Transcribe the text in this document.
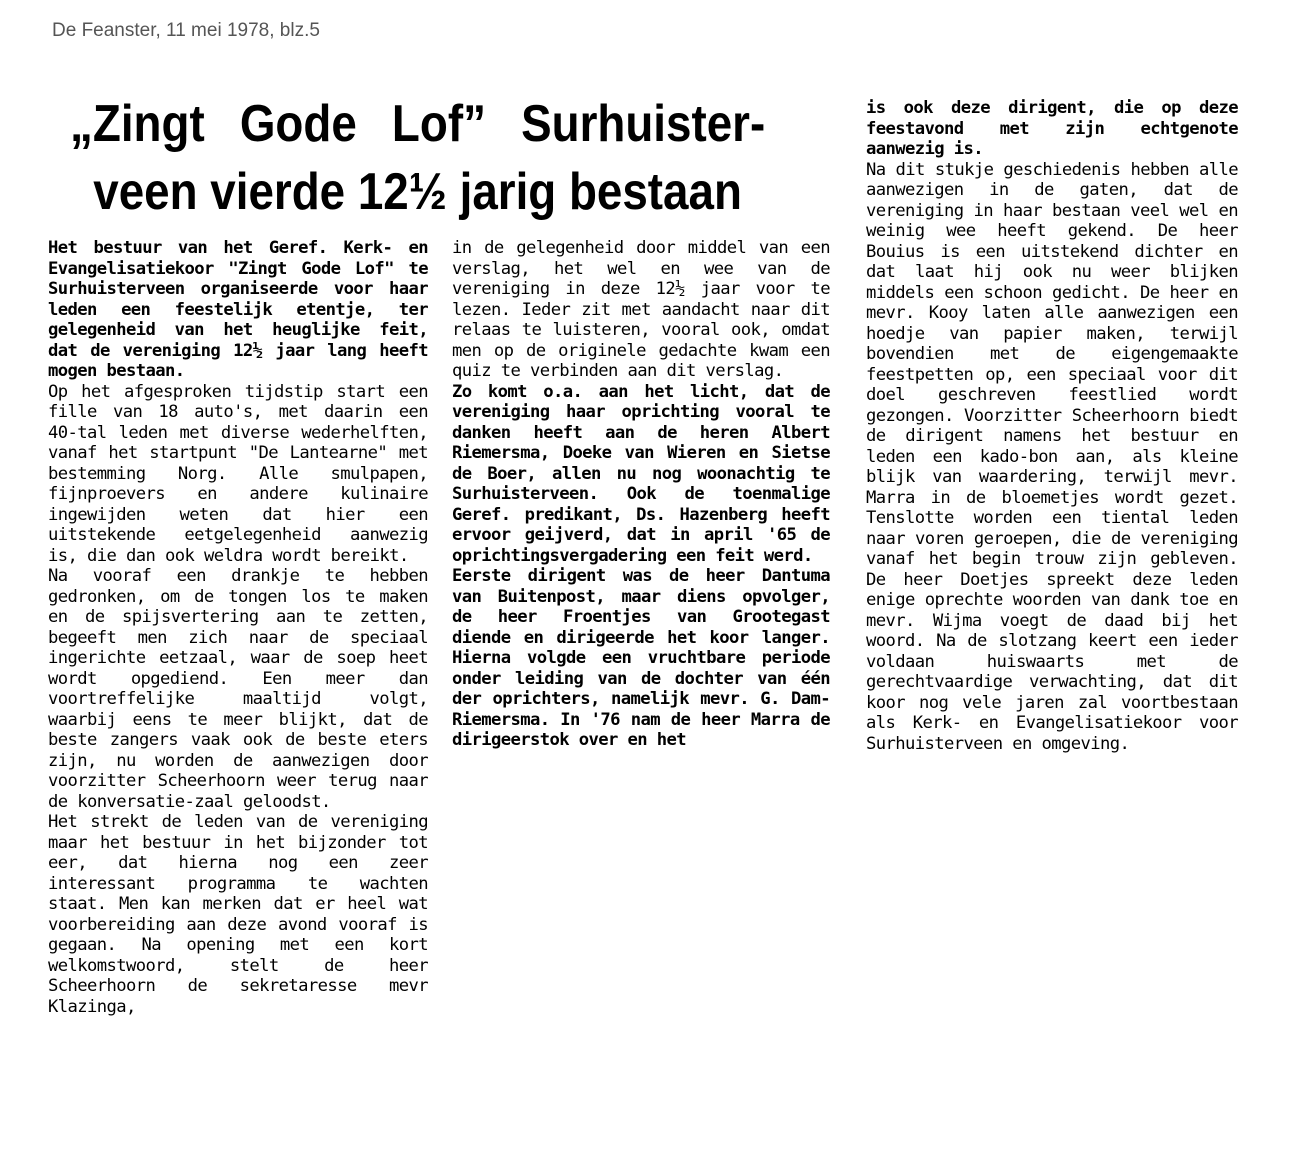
De Feanster, 11 mei 1978, blz.5
„Zingt Gode Lof” Surhuister-
veen vierde 12½ jarig bestaan

Het bestuur van het Geref. Kerk- en Evangelisatiekoor "Zingt Gode Lof" te Surhuisterveen organiseerde voor haar leden een feestelijk etentje, ter gelegenheid van het heuglijke feit, dat de vereniging 12½ jaar lang heeft mogen bestaan.

Op het afgesproken tijdstip start een fille van 18 auto's, met daarin een 40-tal leden met diverse wederhelften, vanaf het startpunt "De Lantearne" met bestemming Norg. Alle smulpapen, fijnproevers en andere kulinaire ingewijden weten dat hier een uitstekende eetgelegenheid aanwezig is, die dan ook weldra wordt bereikt.

Na vooraf een drankje te hebben gedronken, om de tongen los te maken en de spijsvertering aan te zetten, begeeft men zich naar de speciaal ingerichte eetzaal, waar de soep heet wordt opgediend. Een meer dan voortreffelijke maaltijd volgt, waarbij eens te meer blijkt, dat de beste zangers vaak ook de beste eters zijn, nu worden de aanwezigen door voorzitter Scheerhoorn weer terug naar de konversatie-zaal geloodst.

Het strekt de leden van de vereniging maar het bestuur in het bijzonder tot eer, dat hierna nog een zeer interessant programma te wachten staat. Men kan merken dat er heel wat voorbereiding aan deze avond vooraf is gegaan. Na opening met een kort welkomstwoord, stelt de heer Scheerhoorn de sekretaresse mevr Klazinga,

in de gelegenheid door middel van een verslag, het wel en wee van de vereniging in deze 12½ jaar voor te lezen. Ieder zit met aandacht naar dit relaas te luisteren, vooral ook, omdat men op de originele gedachte kwam een quiz te verbinden aan dit verslag.

Zo komt o.a. aan het licht, dat de vereniging haar oprichting vooral te danken heeft aan de heren Albert Riemersma, Doeke van Wieren en Sietse de Boer, allen nu nog woonachtig te Surhuisterveen. Ook de toenmalige Geref. predikant, Ds. Hazenberg heeft ervoor geijverd, dat in april '65 de oprichtingsvergadering een feit werd.

Eerste dirigent was de heer Dantuma van Buitenpost, maar diens opvolger, de heer Froentjes van Grootegast diende en dirigeerde het koor langer. Hierna volgde een vruchtbare periode onder leiding van de dochter van één der oprichters, namelijk mevr. G. Dam-Riemersma. In '76 nam de heer Marra de dirigeerstok over en het

is ook deze dirigent, die op deze feestavond met zijn echtgenote aanwezig is.

Na dit stukje geschiedenis hebben alle aanwezigen in de gaten, dat de vereniging in haar bestaan veel wel en weinig wee heeft gekend. De heer Bouius is een uitstekend dichter en dat laat hij ook nu weer blijken middels een schoon gedicht. De heer en mevr. Kooy laten alle aanwezigen een hoedje van papier maken, terwijl bovendien met de eigengemaakte feestpetten op, een speciaal voor dit doel geschreven feestlied wordt gezongen. Voorzitter Scheerhoorn biedt de dirigent namens het bestuur en leden een kado-bon aan, als kleine blijk van waardering, terwijl mevr. Marra in de bloemetjes wordt gezet. Tenslotte worden een tiental leden naar voren geroepen, die de vereniging vanaf het begin trouw zijn gebleven. De heer Doetjes spreekt deze leden enige oprechte woorden van dank toe en mevr. Wijma voegt de daad bij het woord. Na de slotzang keert een ieder voldaan huiswaarts met de gerechtvaardige verwachting, dat dit koor nog vele jaren zal voortbestaan als Kerk- en Evangelisatiekoor voor Surhuisterveen en omgeving.
